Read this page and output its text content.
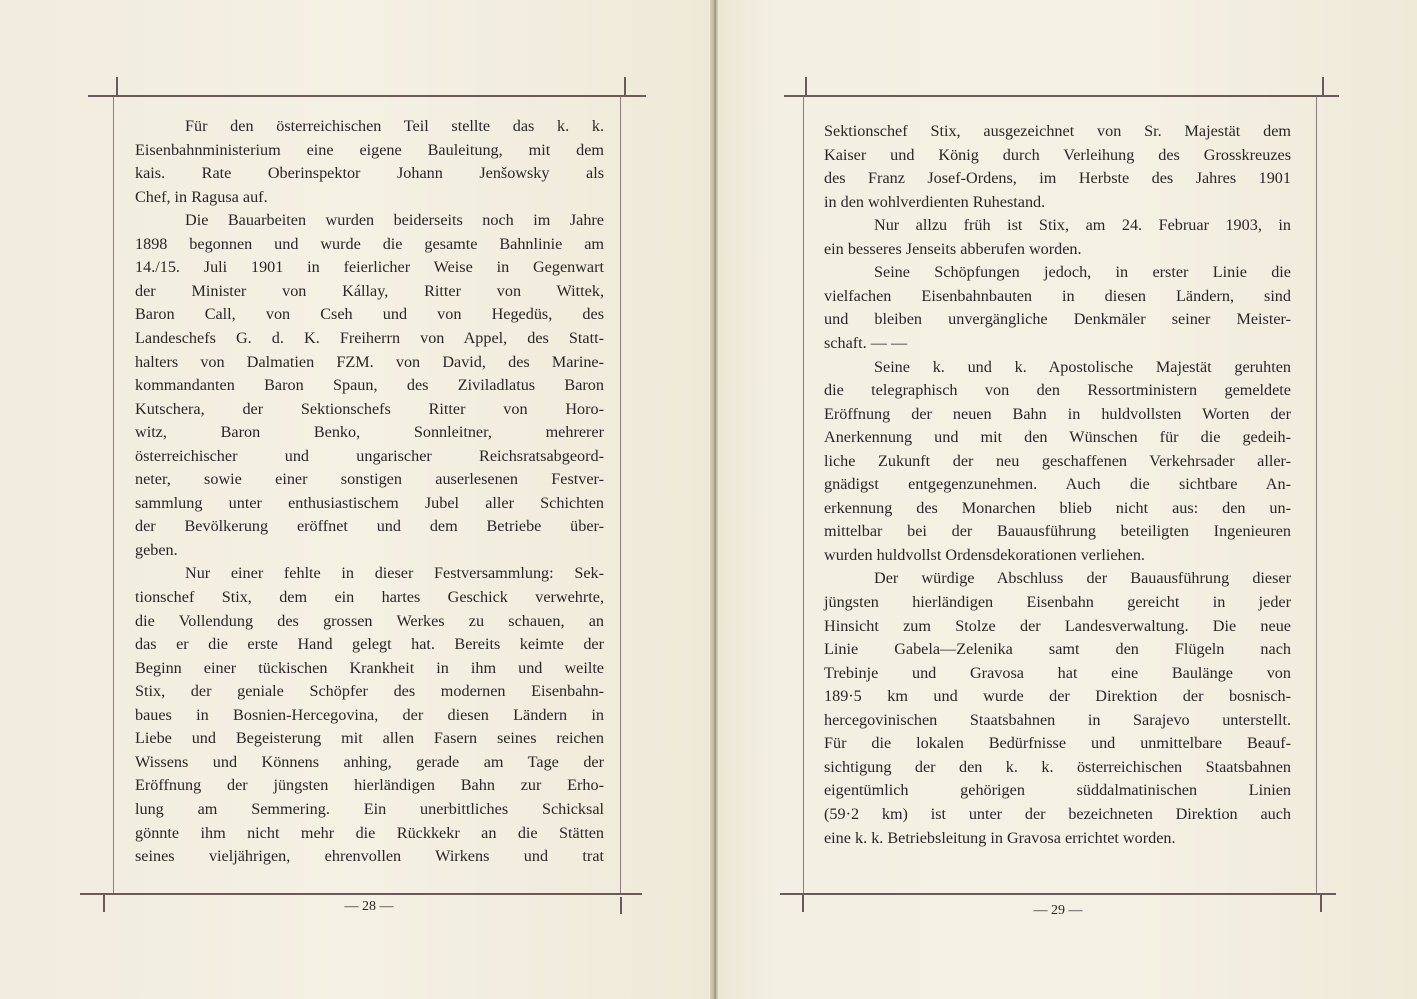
— 28 —
Für den österreichischen Teil stellte das k. k.
Eisenbahnministerium eine eigene Bauleitung, mit dem
kais. Rate Oberinspektor Johann Jenšowsky als
Chef, in Ragusa auf.
Die Bauarbeiten wurden beiderseits noch im Jahre
1898 begonnen und wurde die gesamte Bahnlinie am
14./15. Juli 1901 in feierlicher Weise in Gegenwart
der Minister von Kállay, Ritter von Wittek,
Baron Call, von Cseh und von Hegedüs, des
Landeschefs G. d. K. Freiherrn von Appel, des Statt-
halters von Dalmatien FZM. von David, des Marine-
kommandanten Baron Spaun, des Ziviladlatus Baron
Kutschera, der Sektionschefs Ritter von Horo-
witz, Baron Benko, Sonnleitner, mehrerer
österreichischer und ungarischer Reichsratsabgeord-
neter, sowie einer sonstigen auserlesenen Festver-
sammlung unter enthusiastischem Jubel aller Schichten
der Bevölkerung eröffnet und dem Betriebe über-
geben.
Nur einer fehlte in dieser Festversammlung: Sek-
tionschef Stix, dem ein hartes Geschick verwehrte,
die Vollendung des grossen Werkes zu schauen, an
das er die erste Hand gelegt hat. Bereits keimte der
Beginn einer tückischen Krankheit in ihm und weilte
Stix, der geniale Schöpfer des modernen Eisenbahn-
baues in Bosnien-Hercegovina, der diesen Ländern in
Liebe und Begeisterung mit allen Fasern seines reichen
Wissens und Könnens anhing, gerade am Tage der
Eröffnung der jüngsten hierländigen Bahn zur Erho-
lung am Semmering. Ein unerbittliches Schicksal
gönnte ihm nicht mehr die Rückkekr an die Stätten
seines vieljährigen, ehrenvollen Wirkens und trat
— 29 —
Sektionschef Stix, ausgezeichnet von Sr. Majestät dem
Kaiser und König durch Verleihung des Grosskreuzes
des Franz Josef-Ordens, im Herbste des Jahres 1901
in den wohlverdienten Ruhestand.
Nur allzu früh ist Stix, am 24. Februar 1903, in
ein besseres Jenseits abberufen worden.
Seine Schöpfungen jedoch, in erster Linie die
vielfachen Eisenbahnbauten in diesen Ländern, sind
und bleiben unvergängliche Denkmäler seiner Meister-
schaft. — —
Seine k. und k. Apostolische Majestät geruhten
die telegraphisch von den Ressortministern gemeldete
Eröffnung der neuen Bahn in huldvollsten Worten der
Anerkennung und mit den Wünschen für die gedeih-
liche Zukunft der neu geschaffenen Verkehrsader aller-
gnädigst entgegenzunehmen. Auch die sichtbare An-
erkennung des Monarchen blieb nicht aus: den un-
mittelbar bei der Bauausführung beteiligten Ingenieuren
wurden huldvollst Ordensdekorationen verliehen.
Der würdige Abschluss der Bauausführung dieser
jüngsten hierländigen Eisenbahn gereicht in jeder
Hinsicht zum Stolze der Landesverwaltung. Die neue
Linie Gabela—Zelenika samt den Flügeln nach
Trebinje und Gravosa hat eine Baulänge von
189·5 km und wurde der Direktion der bosnisch-
hercegovinischen Staatsbahnen in Sarajevo unterstellt.
Für die lokalen Bedürfnisse und unmittelbare Beauf-
sichtigung der den k. k. österreichischen Staatsbahnen
eigentümlich gehörigen süddalmatinischen Linien
(59·2 km) ist unter der bezeichneten Direktion auch
eine k. k. Betriebsleitung in Gravosa errichtet worden.
